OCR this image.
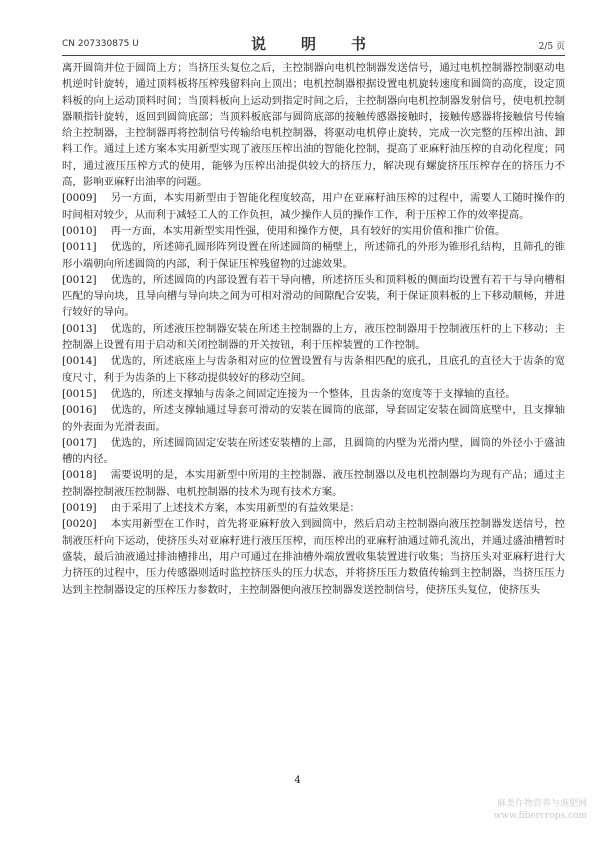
CN 207330875 U	说　明　书	2/5 页

离开圆筒并位于圆筒上方；当挤压头复位之后，主控制器向电机控制器发送信号，通过电机控制器控制驱动电机逆时针旋转，通过顶料板将压榨残留料向上顶出；电机控制器根据设置电机旋转速度和圆筒的高度，设定顶料板的向上运动顶料时间；当顶料板向上运动到指定时间之后，主控制器向电机控制器发射信号，使电机控制器顺指针旋转，返回到圆筒底部；当顶料板底部与圆筒底部的接触传感器接触时，接触传感器将接触信号传输给主控制器，主控制器再将控制信号传输给电机控制器，将驱动电机停止旋转，完成一次完整的压榨出油、卸料工作。通过上述方案本实用新型实现了液压压榨出油的智能化控制，提高了亚麻籽油压榨的自动化程度；同时，通过液压压榨方式的使用，能够为压榨出油提供较大的挤压力，解决现有螺旋挤压压榨存在的挤压力不高，影响亚麻籽出油率的问题。

[0009] 另一方面，本实用新型由于智能化程度较高，用户在亚麻籽油压榨的过程中，需要人工随时操作的时间相对较少，从而利于减轻工人的工作负担，减少操作人员的操作工作，利于压榨工作的效率提高。

[0010] 再一方面，本实用新型实用性强，使用和操作方便，具有较好的实用价值和推广价值。

[0011] 优选的，所述筛孔圆形阵列设置在所述圆筒的桶壁上，所述筛孔的外形为锥形孔结构，且筛孔的锥形小端朝向所述圆筒的内部，利于保证压榨残留物的过滤效果。

[0012] 优选的，所述圆筒的内部设置有若干导向槽，所述挤压头和顶料板的侧面均设置有若干与导向槽相匹配的导向块，且导向槽与导向块之间为可相对滑动的间隙配合安装，利于保证顶料板的上下移动顺畅，并进行较好的导向。

[0013] 优选的，所述液压控制器安装在所述主控制器的上方，液压控制器用于控制液压杆的上下移动；主控制器上设置有用于启动和关闭控制器的开关按钮，利于压榨装置的工作控制。

[0014] 优选的，所述底座上与齿条相对应的位置设置有与齿条相匹配的底孔，且底孔的直径大于齿条的宽度尺寸，利于为齿条的上下移动提供较好的移动空间。

[0015] 优选的，所述支撑轴与齿条之间固定连接为一个整体，且齿条的宽度等于支撑轴的直径。

[0016] 优选的，所述支撑轴通过导套可滑动的安装在圆筒的底部，导套固定安装在圆筒底壁中，且支撑轴的外表面为光滑表面。

[0017] 优选的，所述圆筒固定安装在所述安装槽的上部，且圆筒的内壁为光滑内壁，圆筒的外径小于盛油槽的内径。

[0018] 需要说明的是，本实用新型中所用的主控制器、液压控制器以及电机控制器均为现有产品；通过主控制器控制液压控制器、电机控制器的技术为现有技术方案。

[0019] 由于采用了上述技术方案，本实用新型的有益效果是：

[0020] 本实用新型在工作时，首先将亚麻籽放入到圆筒中，然后启动主控制器向液压控制器发送信号，控制液压杆向下运动，使挤压头对亚麻籽进行液压压榨，而压榨出的亚麻籽油通过筛孔流出，并通过盛油槽暂时盛装，最后油液通过排油槽排出，用户可通过在排油槽外端放置收集装置进行收集；当挤压头对亚麻籽进行大力挤压的过程中，压力传感器则适时监控挤压头的压力状态，并将挤压压力数值传输到主控制器，当挤压压力达到主控制器设定的压榨压力参数时，主控制器便向液压控制器发送控制信号，使挤压头复位，使挤压头

4
麻类作物营养与施肥网
www.fibercrops.com
